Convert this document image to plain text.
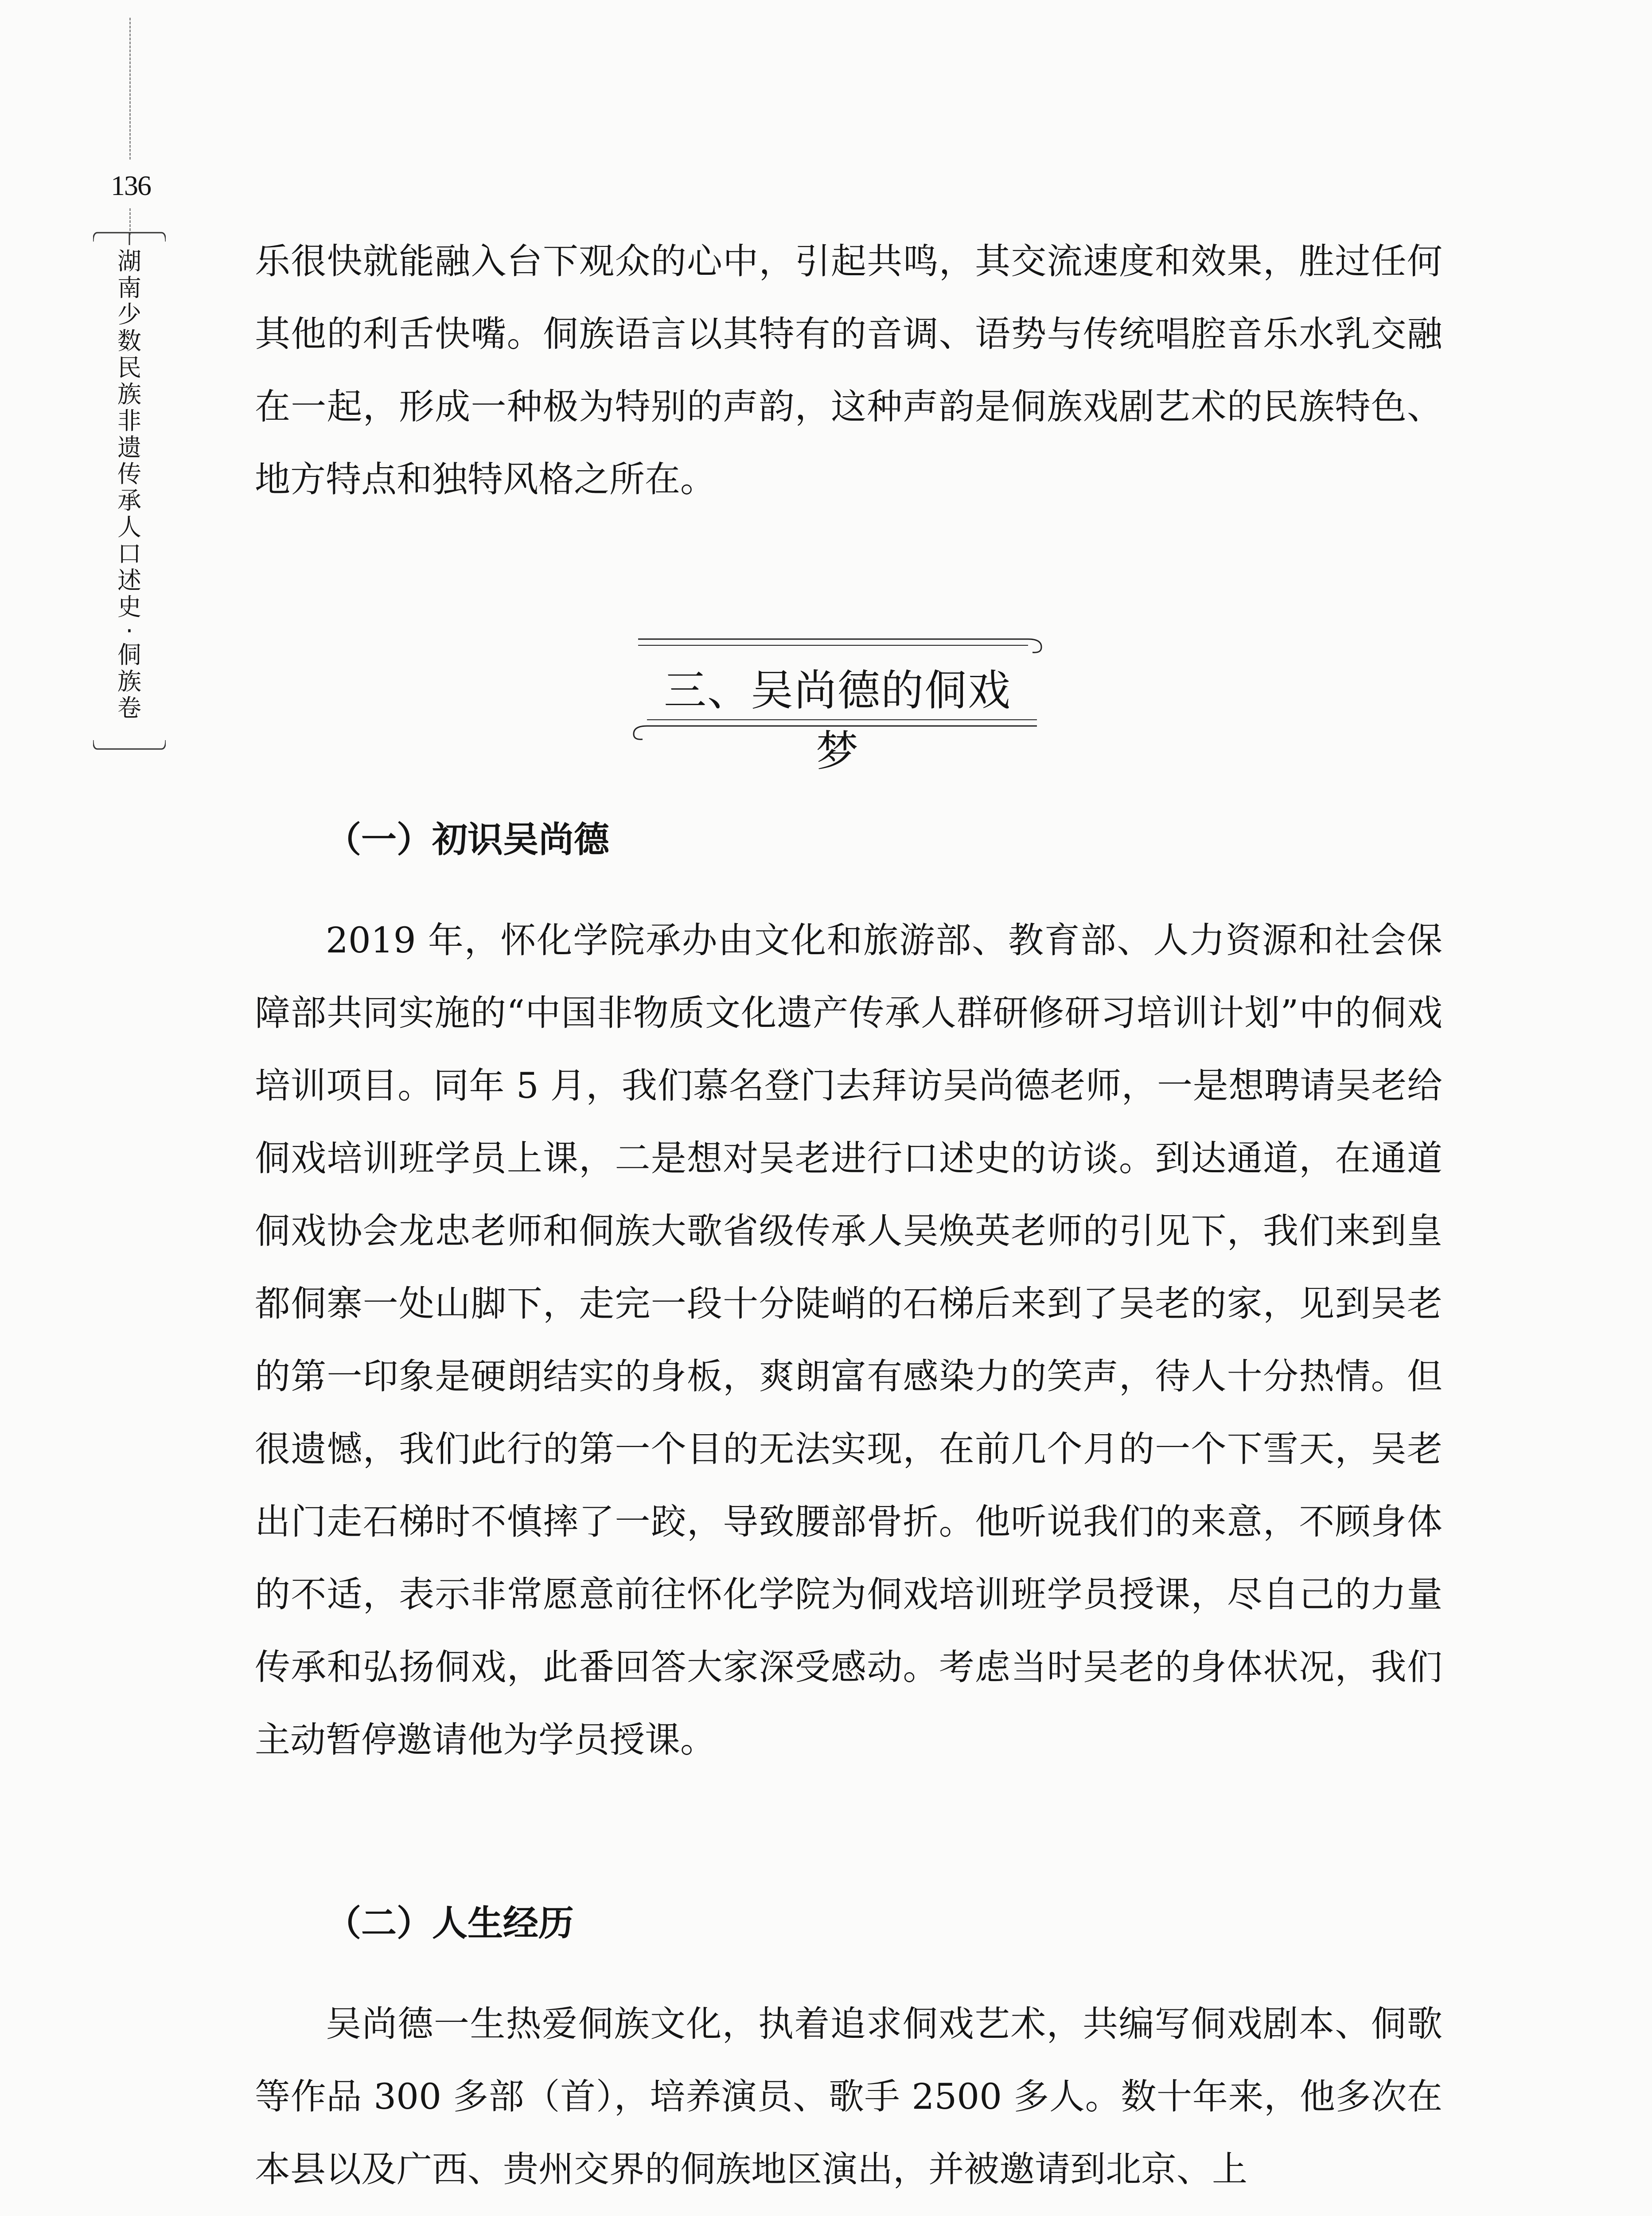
136
湖
南
少
数
民
族
非
遗
传
承
人
口
述
史
·
侗
族
卷

乐很快就能融入台下观众的心中，引起共鸣，其交流速度和效果，胜过任何其他的利舌快嘴。侗族语言以其特有的音调、语势与传统唱腔音乐水乳交融在一起，形成一种极为特别的声韵，这种声韵是侗族戏剧艺术的民族特色、地方特点和独特风格之所在。

三、吴尚德的侗戏梦
（一）初识吴尚德

2019 年，怀化学院承办由文化和旅游部、教育部、人力资源和社会保障部共同实施的“中国非物质文化遗产传承人群研修研习培训计划”中的侗戏培训项目。同年 5 月，我们慕名登门去拜访吴尚德老师，一是想聘请吴老给侗戏培训班学员上课，二是想对吴老进行口述史的访谈。到达通道，在通道侗戏协会龙忠老师和侗族大歌省级传承人吴焕英老师的引见下，我们来到皇都侗寨一处山脚下，走完一段十分陡峭的石梯后来到了吴老的家，见到吴老的第一印象是硬朗结实的身板，爽朗富有感染力的笑声，待人十分热情。但很遗憾，我们此行的第一个目的无法实现，在前几个月的一个下雪天，吴老出门走石梯时不慎摔了一跤，导致腰部骨折。他听说我们的来意，不顾身体的不适，表示非常愿意前往怀化学院为侗戏培训班学员授课，尽自己的力量传承和弘扬侗戏，此番回答大家深受感动。考虑当时吴老的身体状况，我们主动暂停邀请他为学员授课。

（二）人生经历

吴尚德一生热爱侗族文化，执着追求侗戏艺术，共编写侗戏剧本、侗歌等作品 300 多部（首），培养演员、歌手 2500 多人。数十年来，他多次在本县以及广西、贵州交界的侗族地区演出，并被邀请到北京、上
